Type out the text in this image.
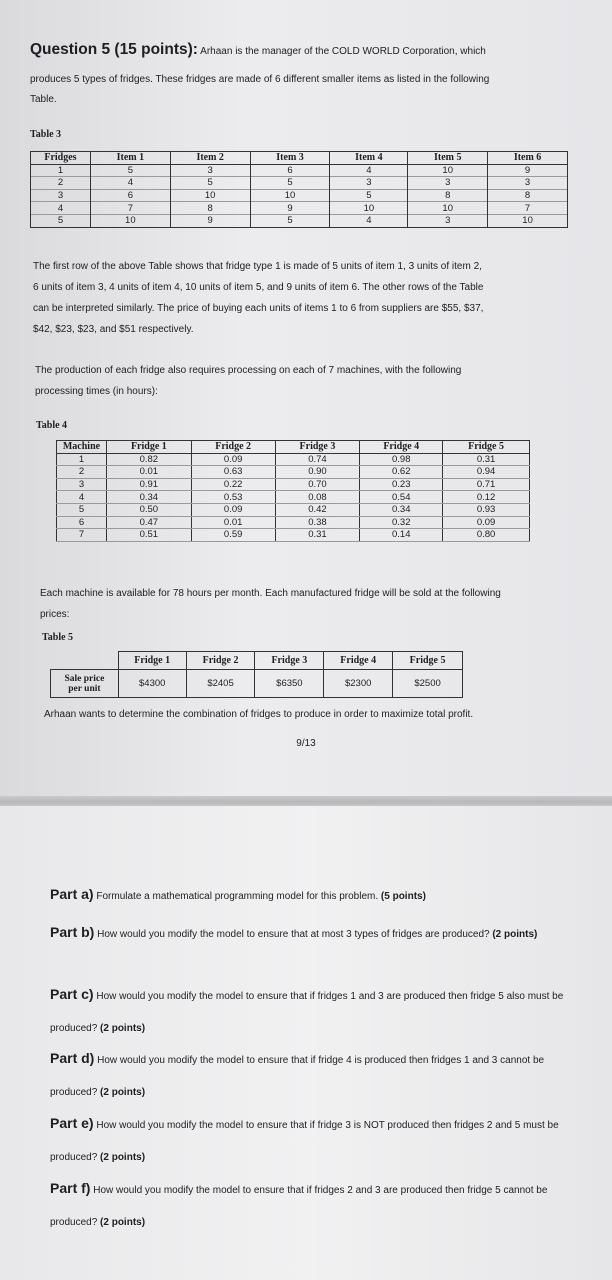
Question 5 (15 points): Arhaan is the manager of the COLD WORLD Corporation, which
produces 5 types of fridges. These fridges are made of 6 different smaller items as listed in the following
Table.
Table 3
Fridges	Item 1	Item 2	Item 3	Item 4	Item 5	Item 6
1	5	3	6	4	10	9
2	4	5	5	3	3	3
3	6	10	10	5	8	8
4	7	8	9	10	10	7
5	10	9	5	4	3	10
The first row of the above Table shows that fridge type 1 is made of 5 units of item 1, 3 units of item 2,
6 units of item 3, 4 units of item 4, 10 units of item 5, and 9 units of item 6. The other rows of the Table
can be interpreted similarly. The price of buying each units of items 1 to 6 from suppliers are $55, $37,
$42, $23, $23, and $51 respectively.
The production of each fridge also requires processing on each of 7 machines, with the following
processing times (in hours):
Table 4
Machine	Fridge 1	Fridge 2	Fridge 3	Fridge 4	Fridge 5
1	0.82	0.09	0.74	0.98	0.31
2	0.01	0.63	0.90	0.62	0.94
3	0.91	0.22	0.70	0.23	0.71
4	0.34	0.53	0.08	0.54	0.12
5	0.50	0.09	0.42	0.34	0.93
6	0.47	0.01	0.38	0.32	0.09
7	0.51	0.59	0.31	0.14	0.80
Each machine is available for 78 hours per month. Each manufactured fridge will be sold at the following
prices:
Table 5
	Fridge 1	Fridge 2	Fridge 3	Fridge 4	Fridge 5

Sale price
per unit	$4300	$2405	$6350	$2300	$2500
Arhaan wants to determine the combination of fridges to produce in order to maximize total profit.
9/13
Part a) Formulate a mathematical programming model for this problem. (5 points)
Part b) How would you modify the model to ensure that at most 3 types of fridges are produced? (2 points)
Part c) How would you modify the model to ensure that if fridges 1 and 3 are produced then fridge 5 also must be produced? (2 points)
Part d) How would you modify the model to ensure that if fridge 4 is produced then fridges 1 and 3 cannot be produced? (2 points)
Part e) How would you modify the model to ensure that if fridge 3 is NOT produced then fridges 2 and 5 must be produced? (2 points)
Part f) How would you modify the model to ensure that if fridges 2 and 3 are produced then fridge 5 cannot be produced? (2 points)
